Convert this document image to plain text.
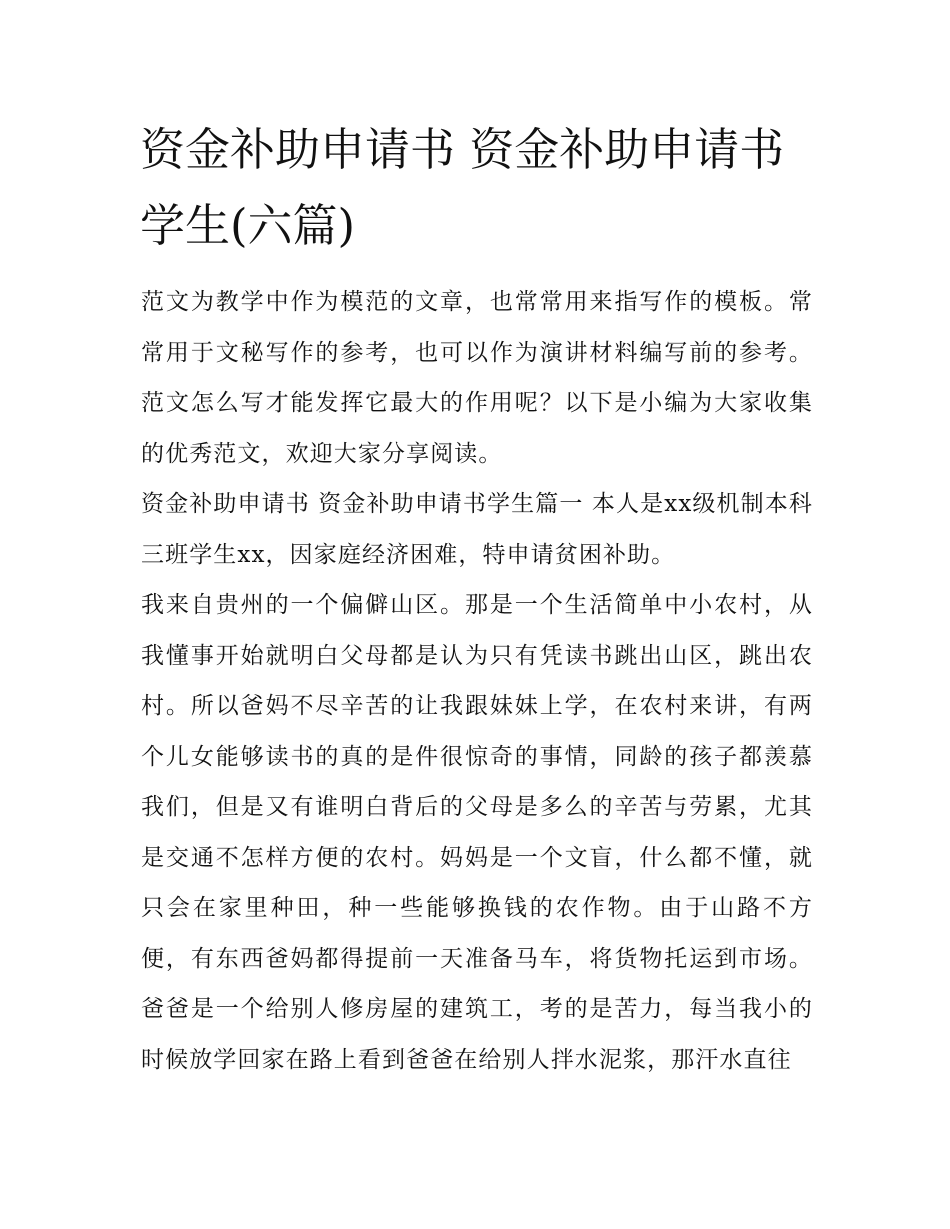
资金补助申请书 资金补助申请书学生(六篇)

范文为教学中作为模范的文章，也常常用来指写作的模板。常常用于文秘写作的参考，也可以作为演讲材料编写前的参考。范文怎么写才能发挥它最大的作用呢？以下是小编为大家收集的优秀范文，欢迎大家分享阅读。

资金补助申请书 资金补助申请书学生篇一 本人是xx级机制本科三班学生xx，因家庭经济困难，特申请贫困补助。

我来自贵州的一个偏僻山区。那是一个生活简单中小农村，从我懂事开始就明白父母都是认为只有凭读书跳出山区，跳出农村。所以爸妈不尽辛苦的让我跟妹妹上学，在农村来讲，有两个儿女能够读书的真的是件很惊奇的事情，同龄的孩子都羡慕我们，但是又有谁明白背后的父母是多么的辛苦与劳累，尤其是交通不怎样方便的农村。妈妈是一个文盲，什么都不懂，就只会在家里种田，种一些能够换钱的农作物。由于山路不方便，有东西爸妈都得提前一天准备马车，将货物托运到市场。爸爸是一个给别人修房屋的建筑工，考的是苦力，每当我小的时候放学回家在路上看到爸爸在给别人拌水泥浆，那汗水直往
